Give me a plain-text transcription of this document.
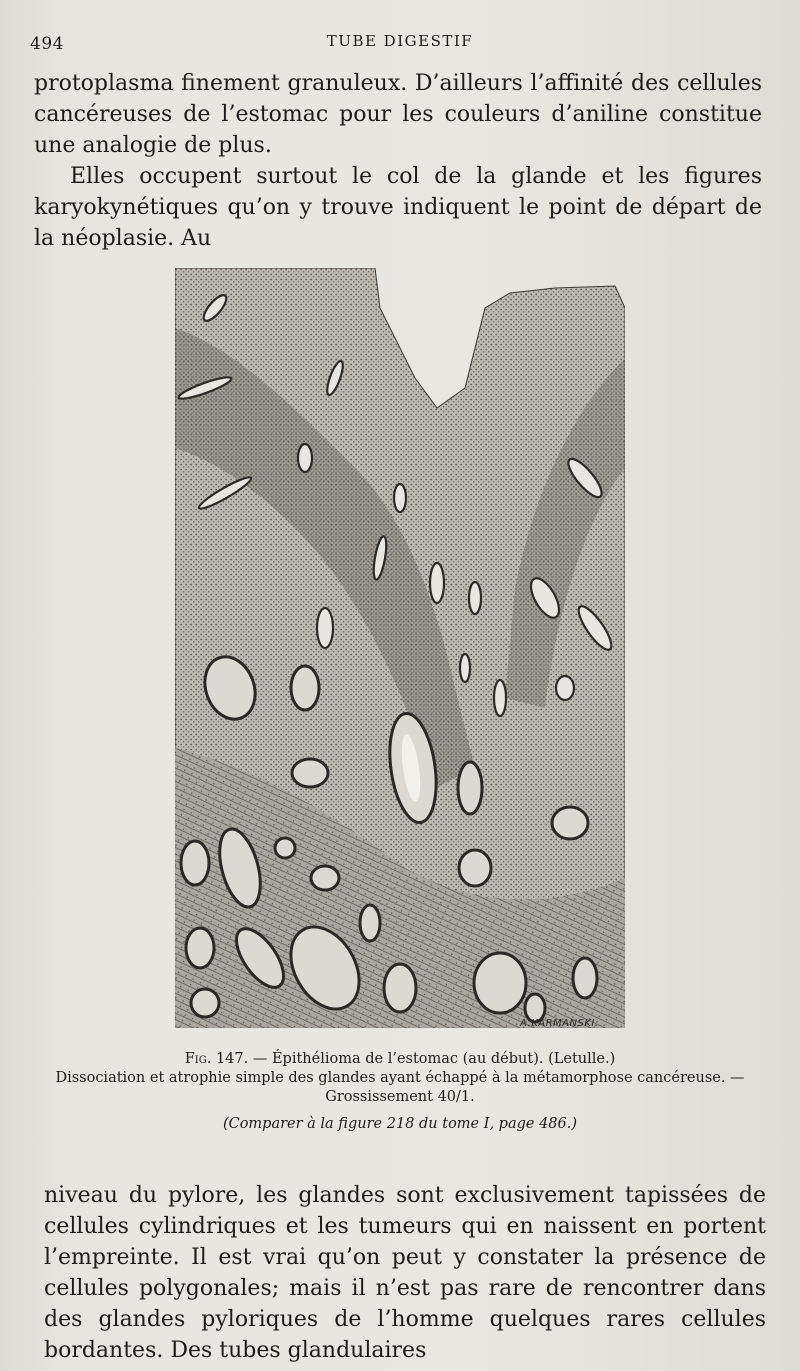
494	TUBE DIGESTIF

protoplasma finement granuleux. D’ailleurs l’affinité des cellules cancéreuses de l’estomac pour les couleurs d’aniline constitue une analogie de plus.

Elles occupent surtout le col de la glande et les figures karyokynétiques qu’on y trouve indiquent le point de départ de la néoplasie. Au

A.KARMANSKI.
Fig. 147. — Épithélioma de l’estomac (au début). (Letulle.)
Dissociation et atrophie simple des glandes ayant échappé à la métamorphose cancéreuse. — Grossissement 40/1.
(Comparer à la figure 218 du tome I, page 486.)

niveau du pylore, les glandes sont exclusivement tapissées de cellules cylindriques et les tumeurs qui en naissent en portent l’empreinte. Il est vrai qu’on peut y constater la présence de cellules polygonales; mais il n’est pas rare de rencontrer dans des glandes pyloriques de l’homme quelques rares cellules bordantes. Des tubes glandulaires
